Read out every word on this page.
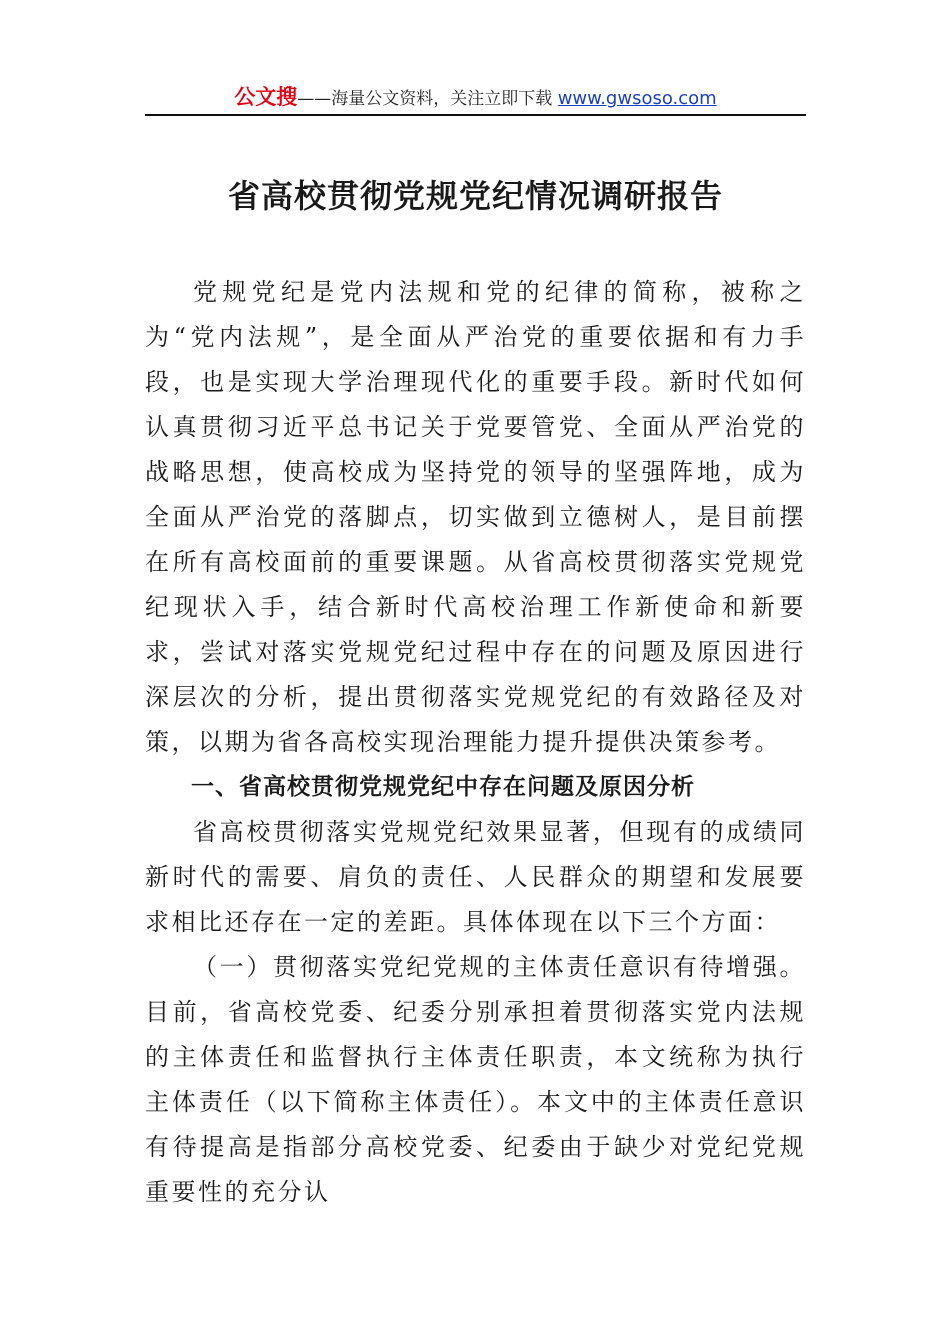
公文搜——海量公文资料，关注立即下载 www.gwsoso.com
省高校贯彻党规党纪情况调研报告

党规党纪是党内法规和党的纪律的简称，被称之为“党内法规”，是全面从严治党的重要依据和有力手段，也是实现大学治理现代化的重要手段。新时代如何认真贯彻习近平总书记关于党要管党、全面从严治党的战略思想，使高校成为坚持党的领导的坚强阵地，成为全面从严治党的落脚点，切实做到立德树人，是目前摆在所有高校面前的重要课题。从省高校贯彻落实党规党纪现状入手，结合新时代高校治理工作新使命和新要求，尝试对落实党规党纪过程中存在的问题及原因进行深层次的分析，提出贯彻落实党规党纪的有效路径及对策，以期为省各高校实现治理能力提升提供决策参考。

一、省高校贯彻党规党纪中存在问题及原因分析

省高校贯彻落实党规党纪效果显著，但现有的成绩同新时代的需要、肩负的责任、人民群众的期望和发展要求相比还存在一定的差距。具体体现在以下三个方面：

（一）贯彻落实党纪党规的主体责任意识有待增强。目前，省高校党委、纪委分别承担着贯彻落实党内法规的主体责任和监督执行主体责任职责，本文统称为执行主体责任（以下简称主体责任）。本文中的主体责任意识有待提高是指部分高校党委、纪委由于缺少对党纪党规重要性的充分认
